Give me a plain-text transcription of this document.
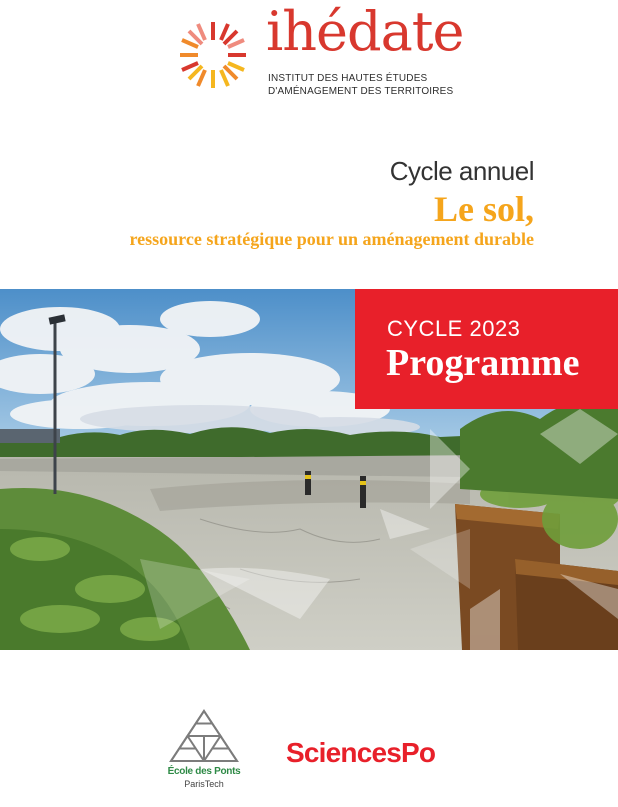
ihédate
INSTITUT DES HAUTES ÉTUDES
D'AMÉNAGEMENT DES TERRITOIRES
Cycle annuel
Le sol,
ressource stratégique pour un aménagement durable
CYCLE 2023
Programme
École des Ponts
ParisTech
SciencesPo
